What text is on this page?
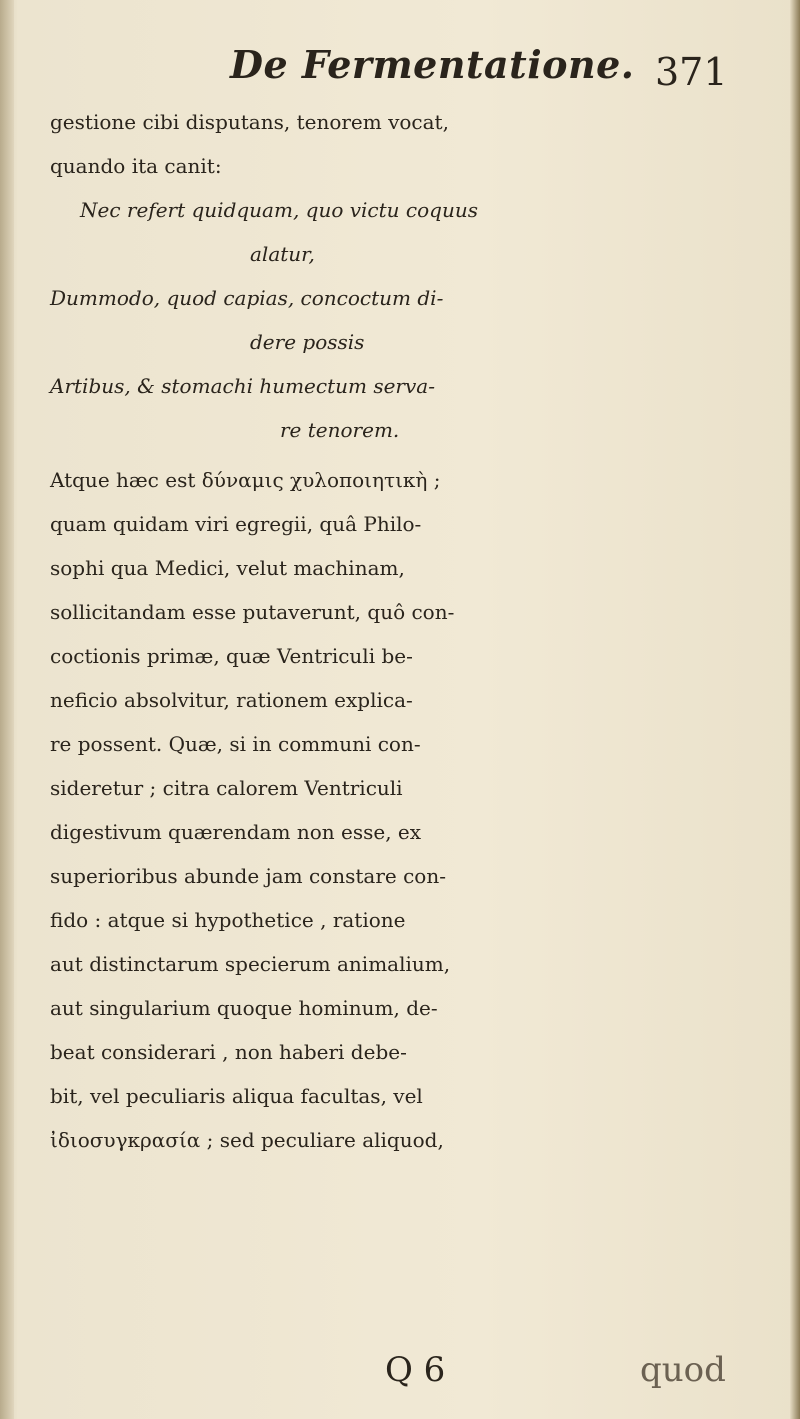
De Fermentatione. 371
gestione cibi disputans, tenorem vocat,
quando ita canit:
Nec refert quidquam, quo victu coquus
alatur,
Dummodo, quod capias, concoctum di-
dere possis
Artibus, & stomachi humectum serva-
re tenorem.
Atque hæc est δύναμις χυλοποιητικὴ ;
quam quidam viri egregii, quâ Philo-
sophi qua Medici, velut machinam,
sollicitandam esse putaverunt, quô con-
coctionis primæ, quæ Ventriculi be-
neficio absolvitur, rationem explica-
re possent. Quæ, si in communi con-
sideretur ; citra calorem Ventriculi
digestivum quærendam non esse, ex
superioribus abunde jam constare con-
fido : atque si hypothetice , ratione
aut distinctarum specierum animalium,
aut singularium quoque hominum, de-
beat considerari , non haberi debe-
bit, vel peculiaris aliqua facultas, vel
ἰδιοσυγκρασία ; sed peculiare aliquod,
Q 6	quod
